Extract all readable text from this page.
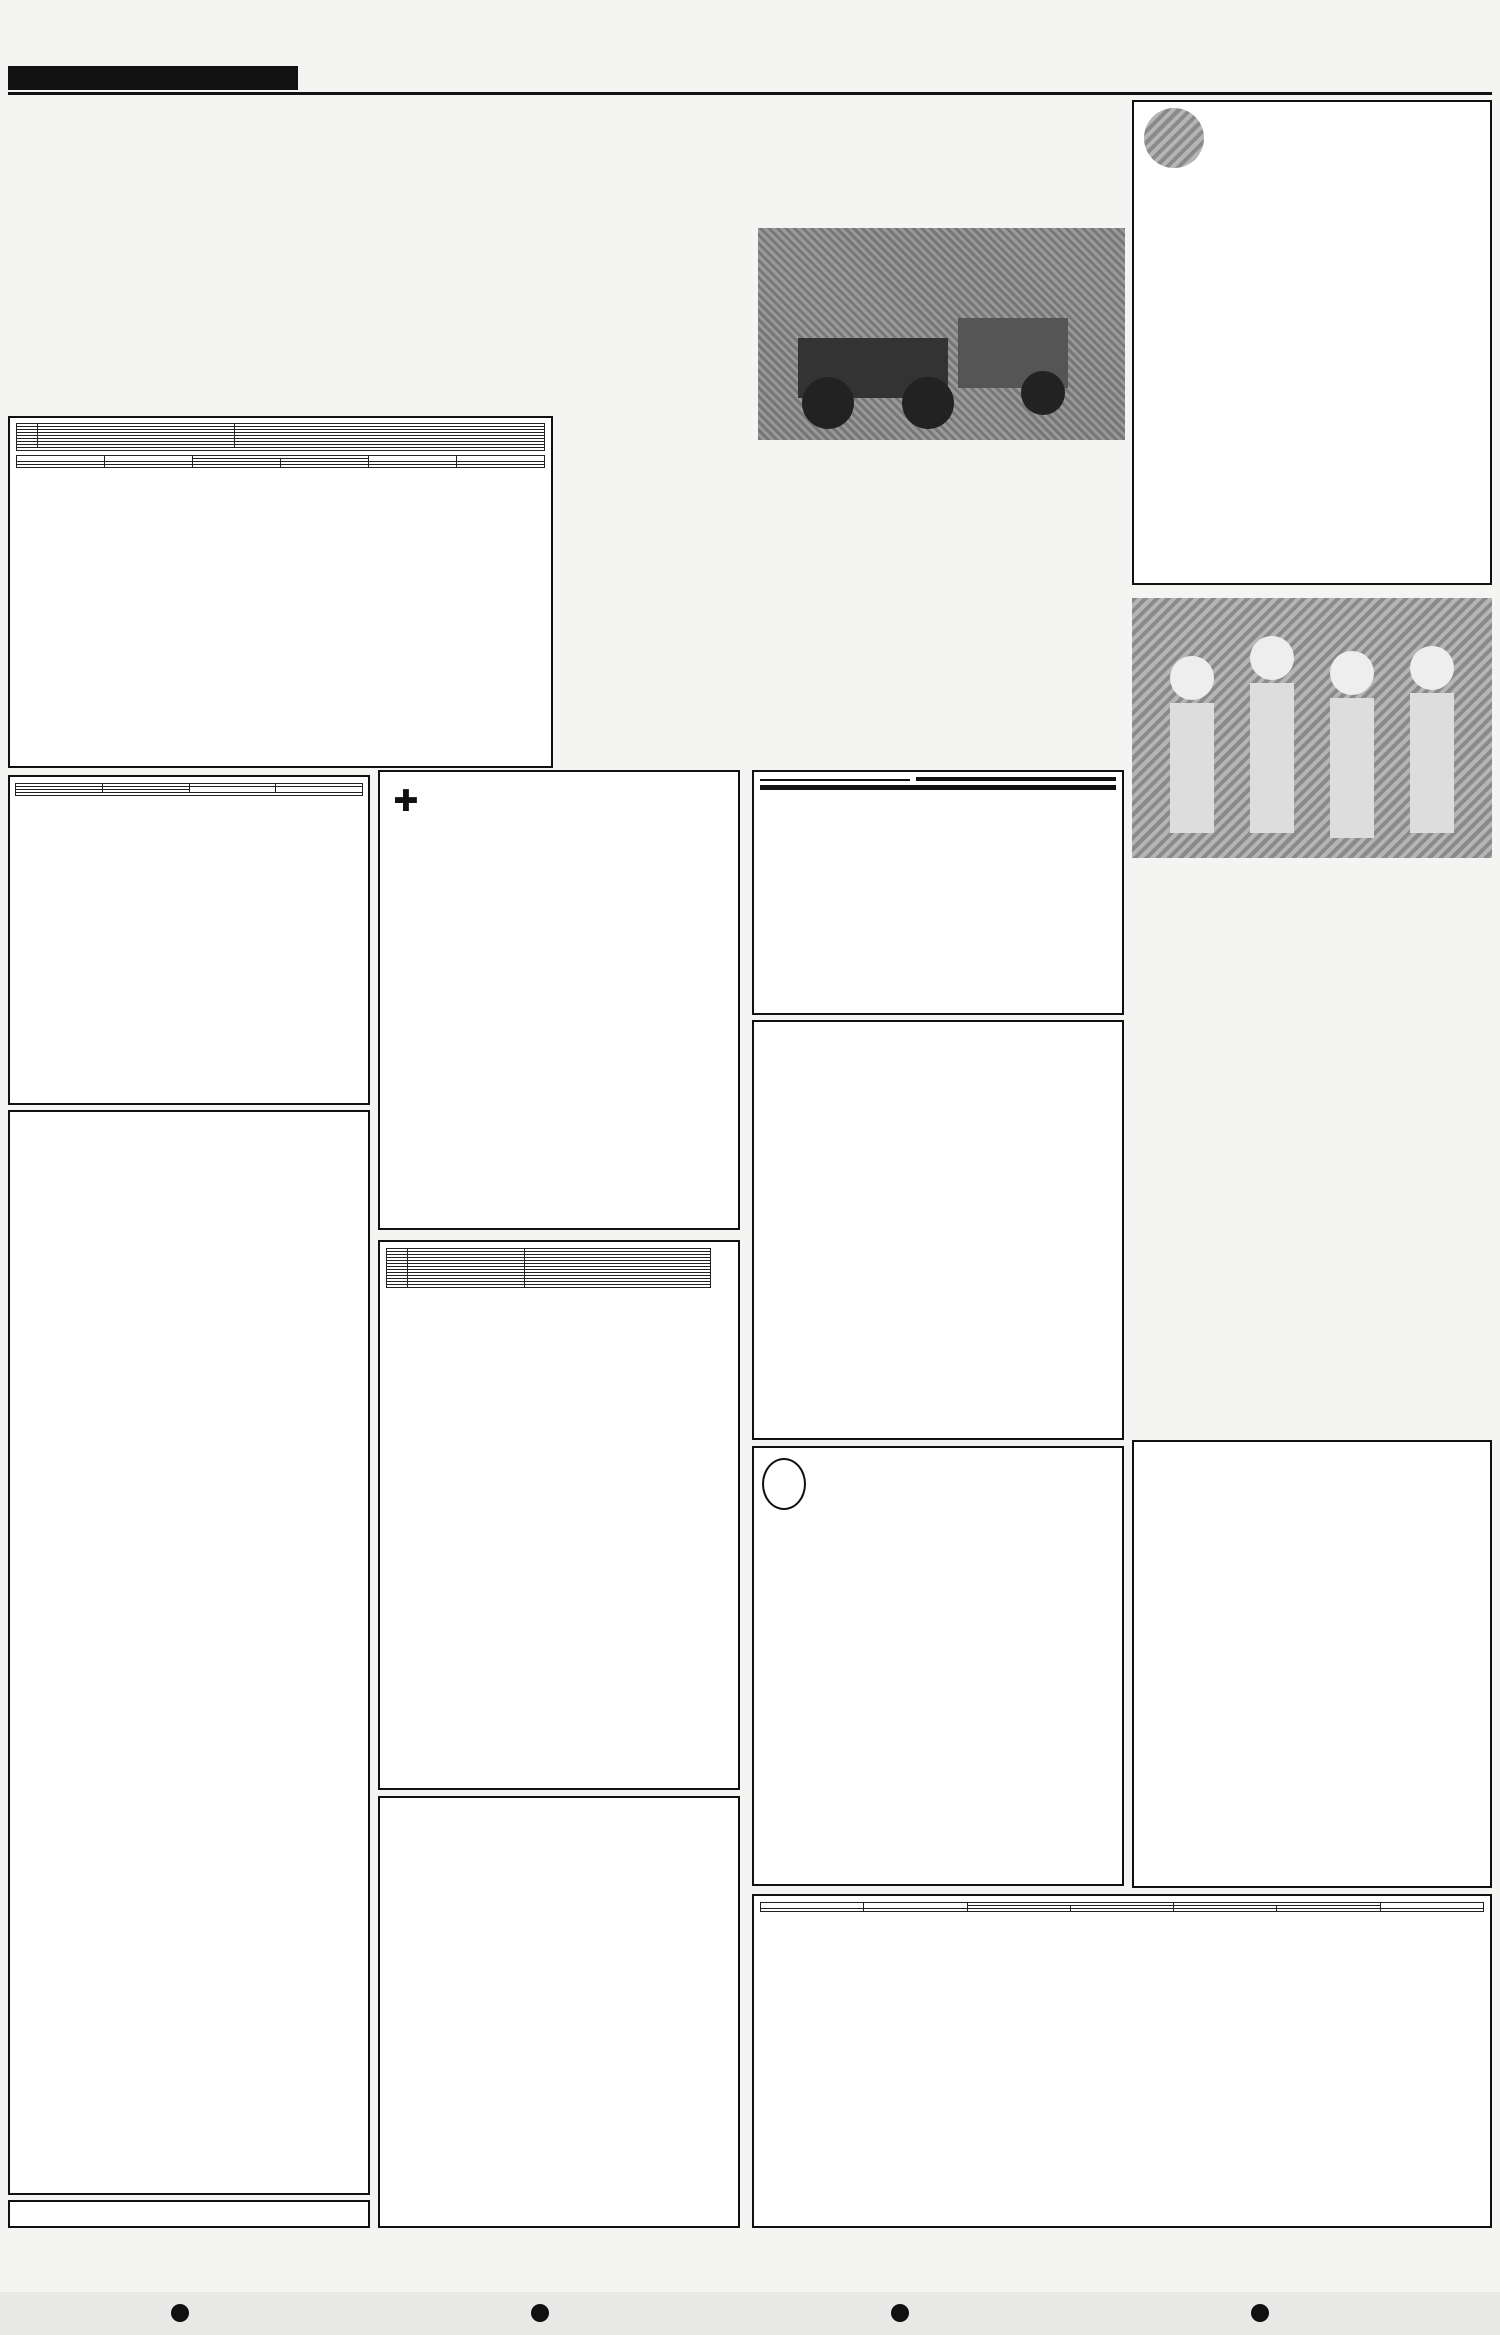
✚
